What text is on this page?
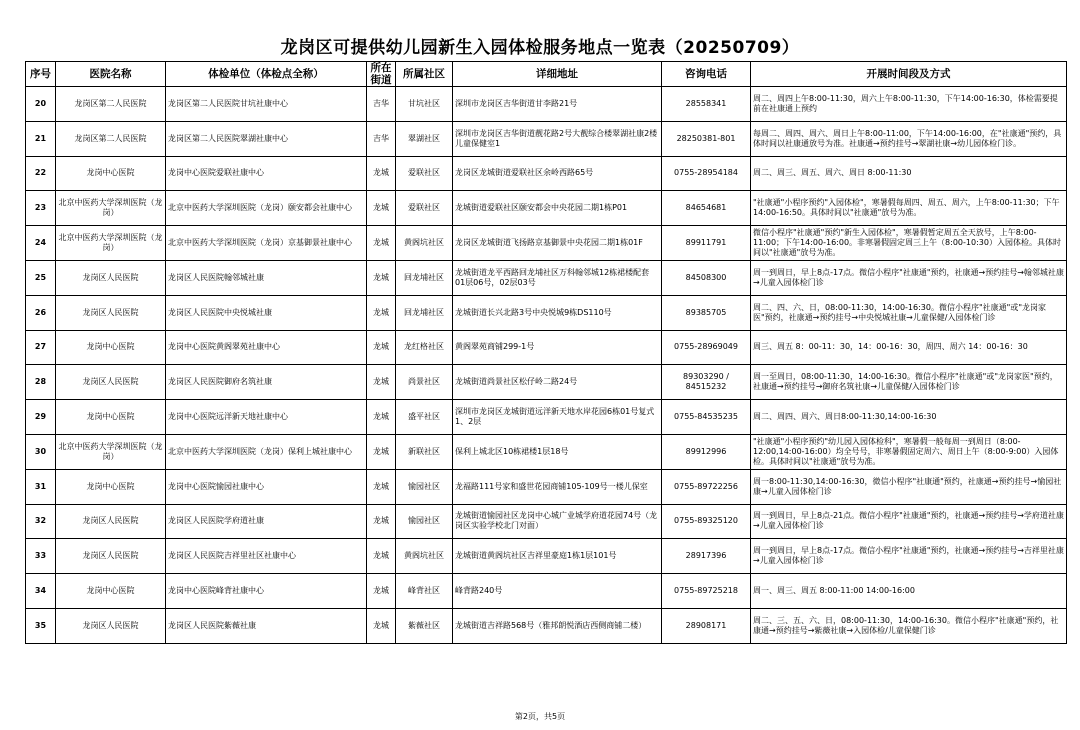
龙岗区可提供幼儿园新生入园体检服务地点一览表（20250709）
序号	医院名称	体检单位（体检点全称）	所在街道	所属社区	详细地址	咨询电话	开展时间段及方式
20	龙岗区第二人民医院	龙岗区第二人民医院甘坑社康中心	吉华	甘坑社区	深圳市龙岗区吉华街道甘李路21号	28558341	周二、周四上午8:00-11:30，周六上午8:00-11:30，下午14:00-16:30，体检需要提前在社康通上预约
21	龙岗区第二人民医院	龙岗区第二人民医院翠湖社康中心	吉华	翠湖社区	深圳市龙岗区吉华街道靓花路2号大靓综合楼翠湖社康2楼儿童保健室1	28250381-801	每周二、周四、周六、周日上午8:00-11:00，下午14:00-16:00，在"社康通"预约，具体时间以社康通放号为准。社康通→预约挂号→翠湖社康→幼儿园体检门诊。
22	龙岗中心医院	龙岗中心医院爱联社康中心	龙城	爱联社区	龙岗区龙城街道爱联社区余岭西路65号	0755-28954184	周二、周三、周五、周六、周日 8:00-11:30
23	北京中医药大学深圳医院（龙岗）	北京中医药大学深圳医院（龙岗）颐安都会社康中心	龙城	爱联社区	龙城街道爱联社区颐安都会中央花园二期1栋P01	84654681	"社康通"小程序预约"入园体检"，寒暑假每周四、周五、周六，上午8:00-11:30；下午14:00-16:50。具体时间以"社康通"放号为准。
24	北京中医药大学深圳医院（龙岗）	北京中医药大学深圳医院（龙岗）京基御景社康中心	龙城	黄阁坑社区	龙岗区龙城街道飞扬路京基御景中央花园二期1栋01F	89911791	微信小程序"社康通"预约"新生入园体检"，寒暑假暂定周五全天放号，上午8:00-11:00；下午14:00-16:00。非寒暑假固定周三上午（8:00-10:30）入园体检。具体时间以"社康通"放号为准。
25	龙岗区人民医院	龙岗区人民医院翰邻城社康	龙城	回龙埔社区	龙城街道龙平西路回龙埔社区万科翰邻城12栋裙楼配套01层06号，02层03号	84508300	周一到周日，早上8点-17点。微信小程序"社康通"预约，社康通→预约挂号→翰邻城社康→儿童入园体检门诊
26	龙岗区人民医院	龙岗区人民医院中央悦城社康	龙城	回龙埔社区	龙城街道长兴北路3号中央悦城9栋DS110号	89385705	周二、四、六、日，08:00-11:30，14:00-16:30。微信小程序"社康通"或"龙岗家医"预约，社康通→预约挂号→中央悦城社康→儿童保健/入园体检门诊
27	龙岗中心医院	龙岗中心医院黄阁翠苑社康中心	龙城	龙红格社区	黄阁翠苑商铺299-1号	0755-28969049	周三、周五 8：00-11：30，14：00-16：30，周四、周六 14：00-16：30
28	龙岗区人民医院	龙岗区人民医院御府名筑社康	龙城	尚景社区	龙城街道尚景社区松仔岭二路24号	89303290 / 84515232	周一至周日，08:00-11:30，14:00-16:30。微信小程序"社康通"或"龙岗家医"预约，社康通→预约挂号→御府名筑社康→儿童保健/入园体检门诊
29	龙岗中心医院	龙岗中心医院远洋新天地社康中心	龙城	盛平社区	深圳市龙岗区龙城街道远洋新天地水岸花园6栋01号复式1、2层	0755-84535235	周二、周四、周六、周日8:00-11:30,14:00-16:30
30	北京中医药大学深圳医院（龙岗）	北京中医药大学深圳医院（龙岗）保利上城社康中心	龙城	新联社区	保利上城北区10栋裙楼1层18号	89912996	"社康通"小程序预约"幼儿园入园体检科"，寒暑假一般每周一到周日（8:00-12:00,14:00-16:00）均全号号，非寒暑假固定周六、周日上午（8:00-9:00）入园体检。具体时间以"社康通"放号为准。
31	龙岗中心医院	龙岗中心医院愉园社康中心	龙城	愉园社区	龙福路111号家和盛世花园商铺105-109号一楼儿保室	0755-89722256	周一8:00-11:30,14:00-16:30，微信小程序"社康通"预约，社康通→预约挂号→愉园社康→儿童入园体检门诊
32	龙岗区人民医院	龙岗区人民医院学府道社康	龙城	愉园社区	龙城街道愉园社区龙岗中心城广业城学府道花园74号（龙岗区实验学校北门对面）	0755-89325120	周一到周日，早上8点-21点。微信小程序"社康通"预约，社康通→预约挂号→学府道社康→儿童入园体检门诊
33	龙岗区人民医院	龙岗区人民医院吉祥里社区社康中心	龙城	黄阁坑社区	龙城街道黄阁坑社区吉祥里豪庭1栋1层101号	28917396	周一到周日，早上8点-17点。微信小程序"社康通"预约，社康通→预约挂号→吉祥里社康→儿童入园体检门诊
34	龙岗中心医院	龙岗中心医院峰背社康中心	龙城	峰背社区	峰背路240号	0755-89725218	周一、周三、周五 8:00-11:00 14:00-16:00
35	龙岗区人民医院	龙岗区人民医院紫薇社康	龙城	紫薇社区	龙城街道吉祥路568号（雅邦朗悦酒店西侧商铺二楼）	28908171	周二、三、五、六、日，08:00-11:30，14:00-16:30。微信小程序"社康通"预约，社康通→预约挂号→紫薇社康→入园体检/儿童保健门诊
第2页，共5页
